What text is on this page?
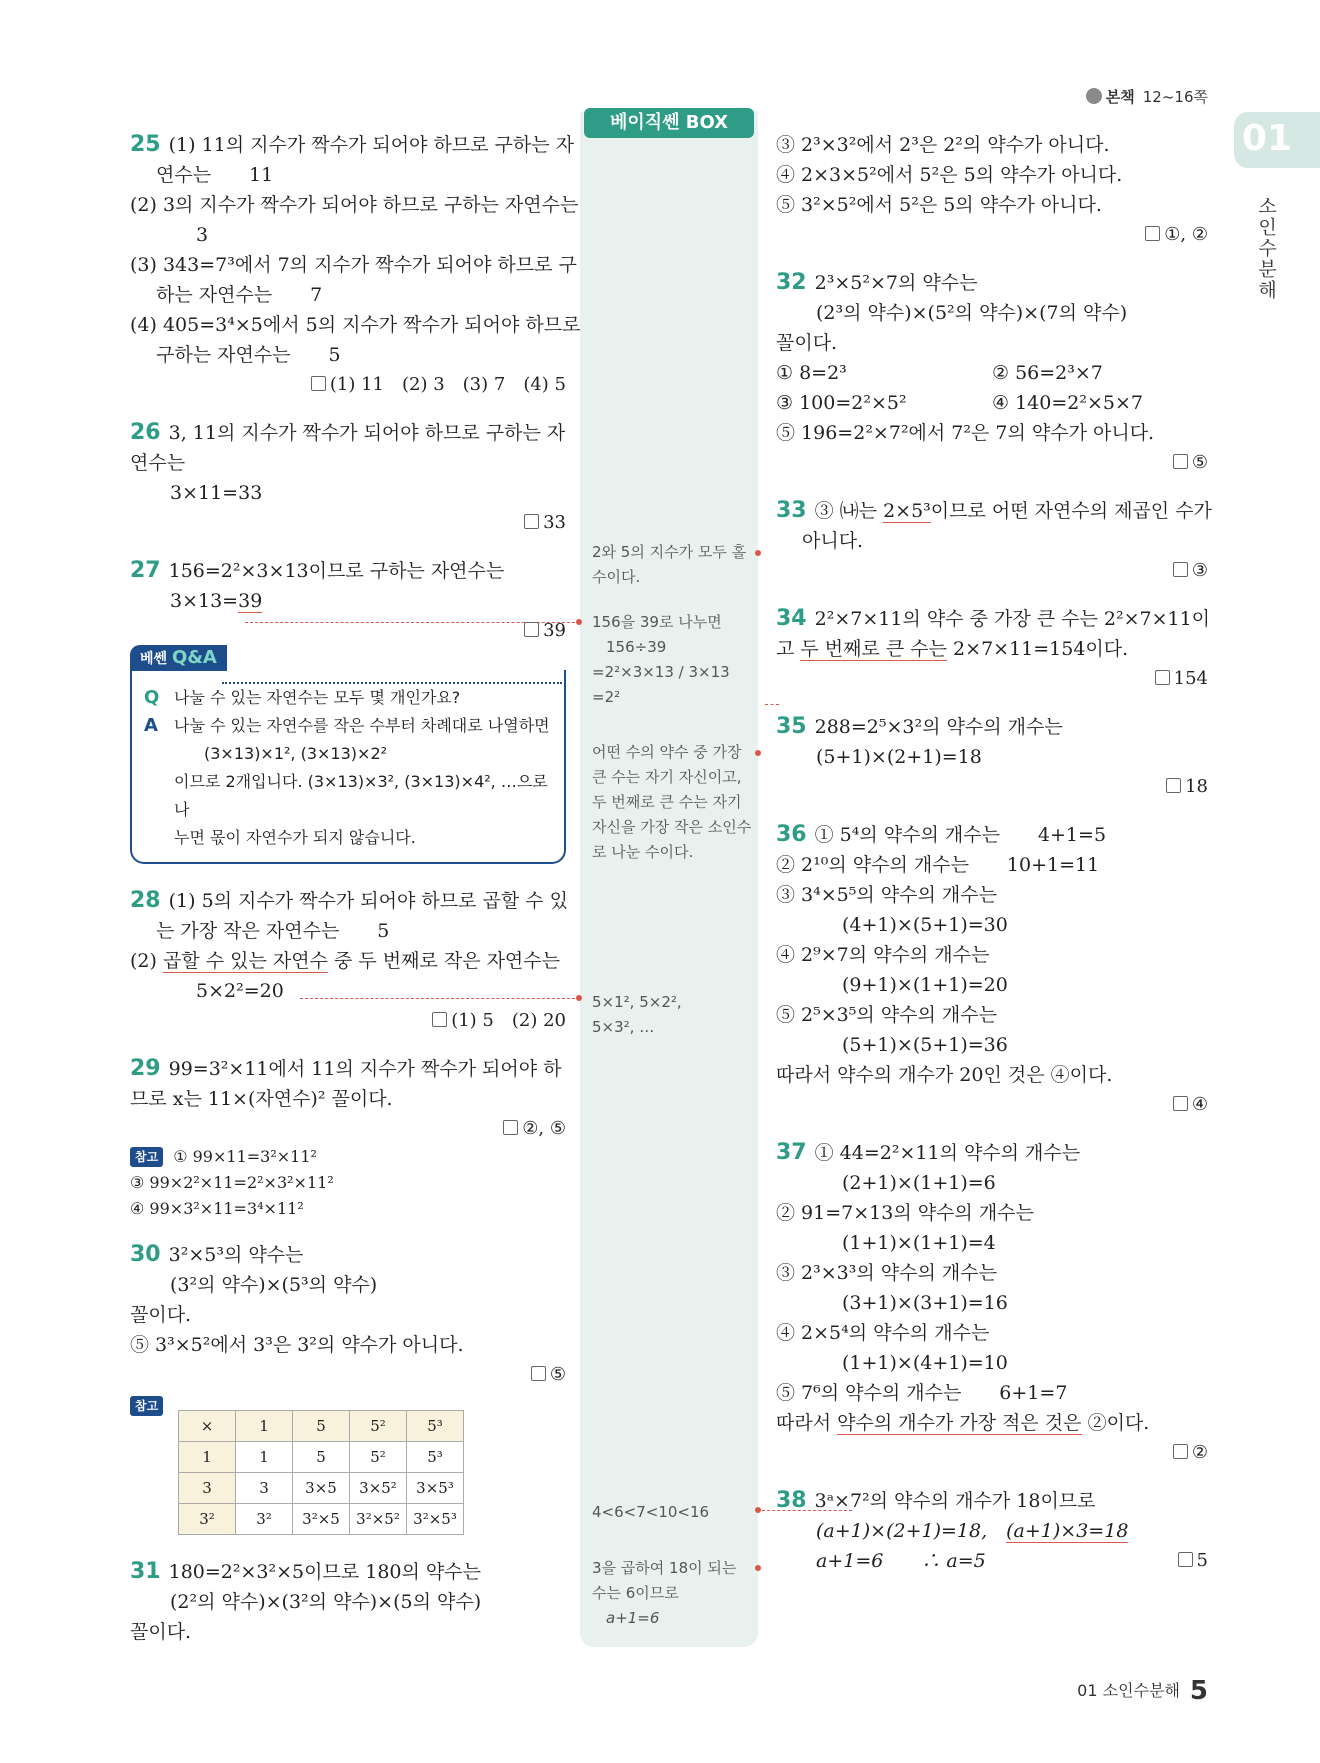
본책 12~16쪽
01
소인수분해
베이직쎈 BOX
2와 5의 지수가 모두 홀수이다.
156을 39로 나누면
156÷39
=2²×3×13 / 3×13
=2²
어떤 수의 약수 중 가장 큰 수는 자기 자신이고, 두 번째로 큰 수는 자기 자신을 가장 작은 소인수로 나눈 수이다.
5×1², 5×2²,
5×3², …
4<6<7<10<16
3을 곱하여 18이 되는 수는 6이므로
a+1=6
25 (1) 11의 지수가 짝수가 되어야 하므로 구하는 자
연수는　　11
(2) 3의 지수가 짝수가 되어야 하므로 구하는 자연수는
3
(3) 343=7³에서 7의 지수가 짝수가 되어야 하므로 구
하는 자연수는　　7
(4) 405=3⁴×5에서 5의 지수가 짝수가 되어야 하므로
구하는 자연수는　　5
(1) 11　(2) 3　(3) 7　(4) 5
26 3, 11의 지수가 짝수가 되어야 하므로 구하는 자
연수는
3×11=33
33
27 156=2²×3×13이므로 구하는 자연수는
3×13=39
39
베쎈 Q&A
Q 나눌 수 있는 자연수는 모두 몇 개인가요?
A	나눌 수 있는 자연수를 작은 수부터 차례대로 나열하면
(3×13)×1², (3×13)×2²
이므로 2개입니다. (3×13)×3², (3×13)×4², …으로 나
누면 몫이 자연수가 되지 않습니다.
28 (1) 5의 지수가 짝수가 되어야 하므로 곱할 수 있
는 가장 작은 자연수는　　5
(2) 곱할 수 있는 자연수 중 두 번째로 작은 자연수는
5×2²=20
(1) 5　(2) 20
29 99=3²×11에서 11의 지수가 짝수가 되어야 하
므로 x는 11×(자연수)² 꼴이다.
②, ⑤
참고 ① 99×11=3²×11²
③ 99×2²×11=2²×3²×11²
④ 99×3²×11=3⁴×11²
30 3²×5³의 약수는
(3²의 약수)×(5³의 약수)
꼴이다.
⑤ 3³×5²에서 3³은 3²의 약수가 아니다.
⑤
참고
×	1	5	5²	5³
1	1	5	5²	5³
3	3	3×5	3×5²	3×5³
3²	3²	3²×5	3²×5²	3²×5³
31 180=2²×3²×5이므로 180의 약수는
(2²의 약수)×(3²의 약수)×(5의 약수)
꼴이다.
③ 2³×3²에서 2³은 2²의 약수가 아니다.
④ 2×3×5²에서 5²은 5의 약수가 아니다.
⑤ 3²×5²에서 5²은 5의 약수가 아니다.
①, ②
32 2³×5²×7의 약수는
(2³의 약수)×(5²의 약수)×(7의 약수)
꼴이다.
① 8=2³	② 56=2³×7
③ 100=2²×5²	④ 140=2²×5×7
⑤ 196=2²×7²에서 7²은 7의 약수가 아니다.
⑤
33 ③ ㈏는 2×5³이므로 어떤 자연수의 제곱인 수가
아니다.
③
34 2²×7×11의 약수 중 가장 큰 수는 2²×7×11이
고 두 번째로 큰 수는 2×7×11=154이다.
154
35 288=2⁵×3²의 약수의 개수는
(5+1)×(2+1)=18
18
36 ① 5⁴의 약수의 개수는　　4+1=5
② 2¹⁰의 약수의 개수는　　10+1=11
③ 3⁴×5⁵의 약수의 개수는
(4+1)×(5+1)=30
④ 2⁹×7의 약수의 개수는
(9+1)×(1+1)=20
⑤ 2⁵×3⁵의 약수의 개수는
(5+1)×(5+1)=36
따라서 약수의 개수가 20인 것은 ④이다.
④
37 ① 44=2²×11의 약수의 개수는
(2+1)×(1+1)=6
② 91=7×13의 약수의 개수는
(1+1)×(1+1)=4
③ 2³×3³의 약수의 개수는
(3+1)×(3+1)=16
④ 2×5⁴의 약수의 개수는
(1+1)×(4+1)=10
⑤ 7⁶의 약수의 개수는　　6+1=7
따라서 약수의 개수가 가장 적은 것은 ②이다.
②
38 3ᵃ×7²의 약수의 개수가 18이므로
(a+1)×(2+1)=18,　(a+1)×3=18
a+1=6　　∴ a=5	5
01 소인수분해 5
